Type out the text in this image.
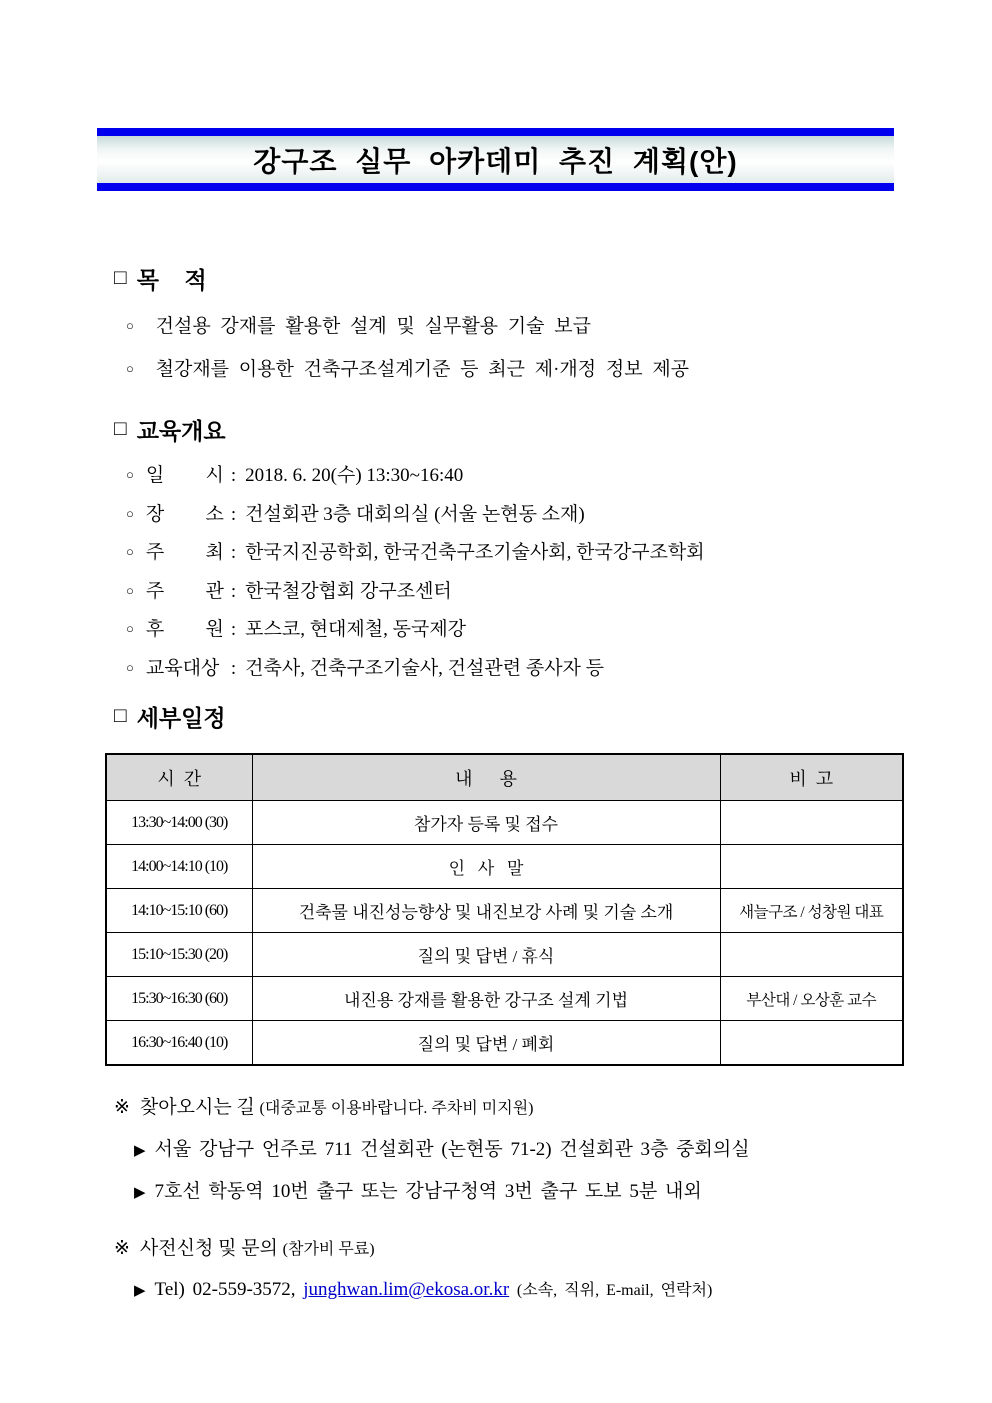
강구조 실무 아카데미 추진 계획(안)
□ 목    적
○ 건설용 강재를 활용한 설계 및 실무활용 기술 보급
○ 철강재를 이용한 건축구조설계기준 등 최근 제·개정 정보 제공
□ 교육개요
○ 일 시 : 2018. 6. 20(수) 13:30~16:40
○ 장 소 : 건설회관 3층 대회의실 (서울 논현동 소재)
○ 주 최 : 한국지진공학회, 한국건축구조기술사회, 한국강구조학회
○ 주 관 : 한국철강협회 강구조센터
○ 후 원 : 포스코, 현대제철, 동국제강
○ 교육대상 : 건축사, 건축구조기술사, 건설관련 종사자 등
□ 세부일정
시  간	내      용	비  고
13:30~14:00 (30)	참가자 등록 및 접수	
14:00~14:10 (10)	인   사   말	
14:10~15:10 (60)	건축물 내진성능향상 및 내진보강 사례 및 기술 소개	새늘구조 / 성창원 대표
15:10~15:30 (20)	질의 및 답변 / 휴식	
15:30~16:30 (60)	내진용 강재를 활용한 강구조 설계 기법	부산대 / 오상훈 교수
16:30~16:40 (10)	질의 및 답변 / 폐회	
※ 찾아오시는 길 (대중교통 이용바랍니다. 주차비 미지원)
▶ 서울 강남구 언주로 711 건설회관 (논현동 71-2) 건설회관 3층 중회의실
▶ 7호선 학동역 10번 출구 또는 강남구청역 3번 출구 도보 5분 내외
※ 사전신청 및 문의 (참가비 무료)
▶ Tel) 02-559-3572, junghwan.lim@ekosa.or.kr (소속, 직위, E-mail, 연락처)
